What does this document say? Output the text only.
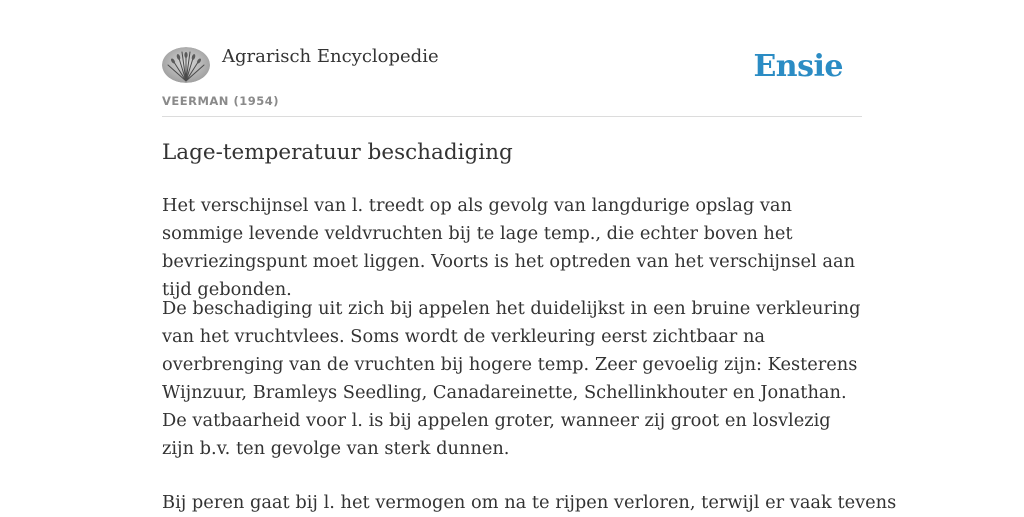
Agrarisch Encyclopedie
VEERMAN (1954)
Ensie
Lage-temperatuur beschadiging

Het verschijnsel van l. treedt op als gevolg van langdurige opslag van sommige levende veldvruchten bij te lage temp., die echter boven het bevriezingspunt moet liggen. Voorts is het optreden van het verschijnsel aan tijd gebonden.

De beschadiging uit zich bij appelen het duidelijkst in een bruine verkleuring van het vruchtvlees. Soms wordt de verkleuring eerst zichtbaar na overbrenging van de vruchten bij hogere temp. Zeer gevoelig zijn: Kesterens Wijnzuur, Bramleys Seedling, Canadareinette, Schellinkhouter en Jonathan. De vatbaarheid voor l. is bij appelen groter, wanneer zij groot en losvlezig zijn b.v. ten gevolge van sterk dunnen.

Bij peren gaat bij l. het vermogen om na te rijpen verloren, terwijl er vaak tevens
